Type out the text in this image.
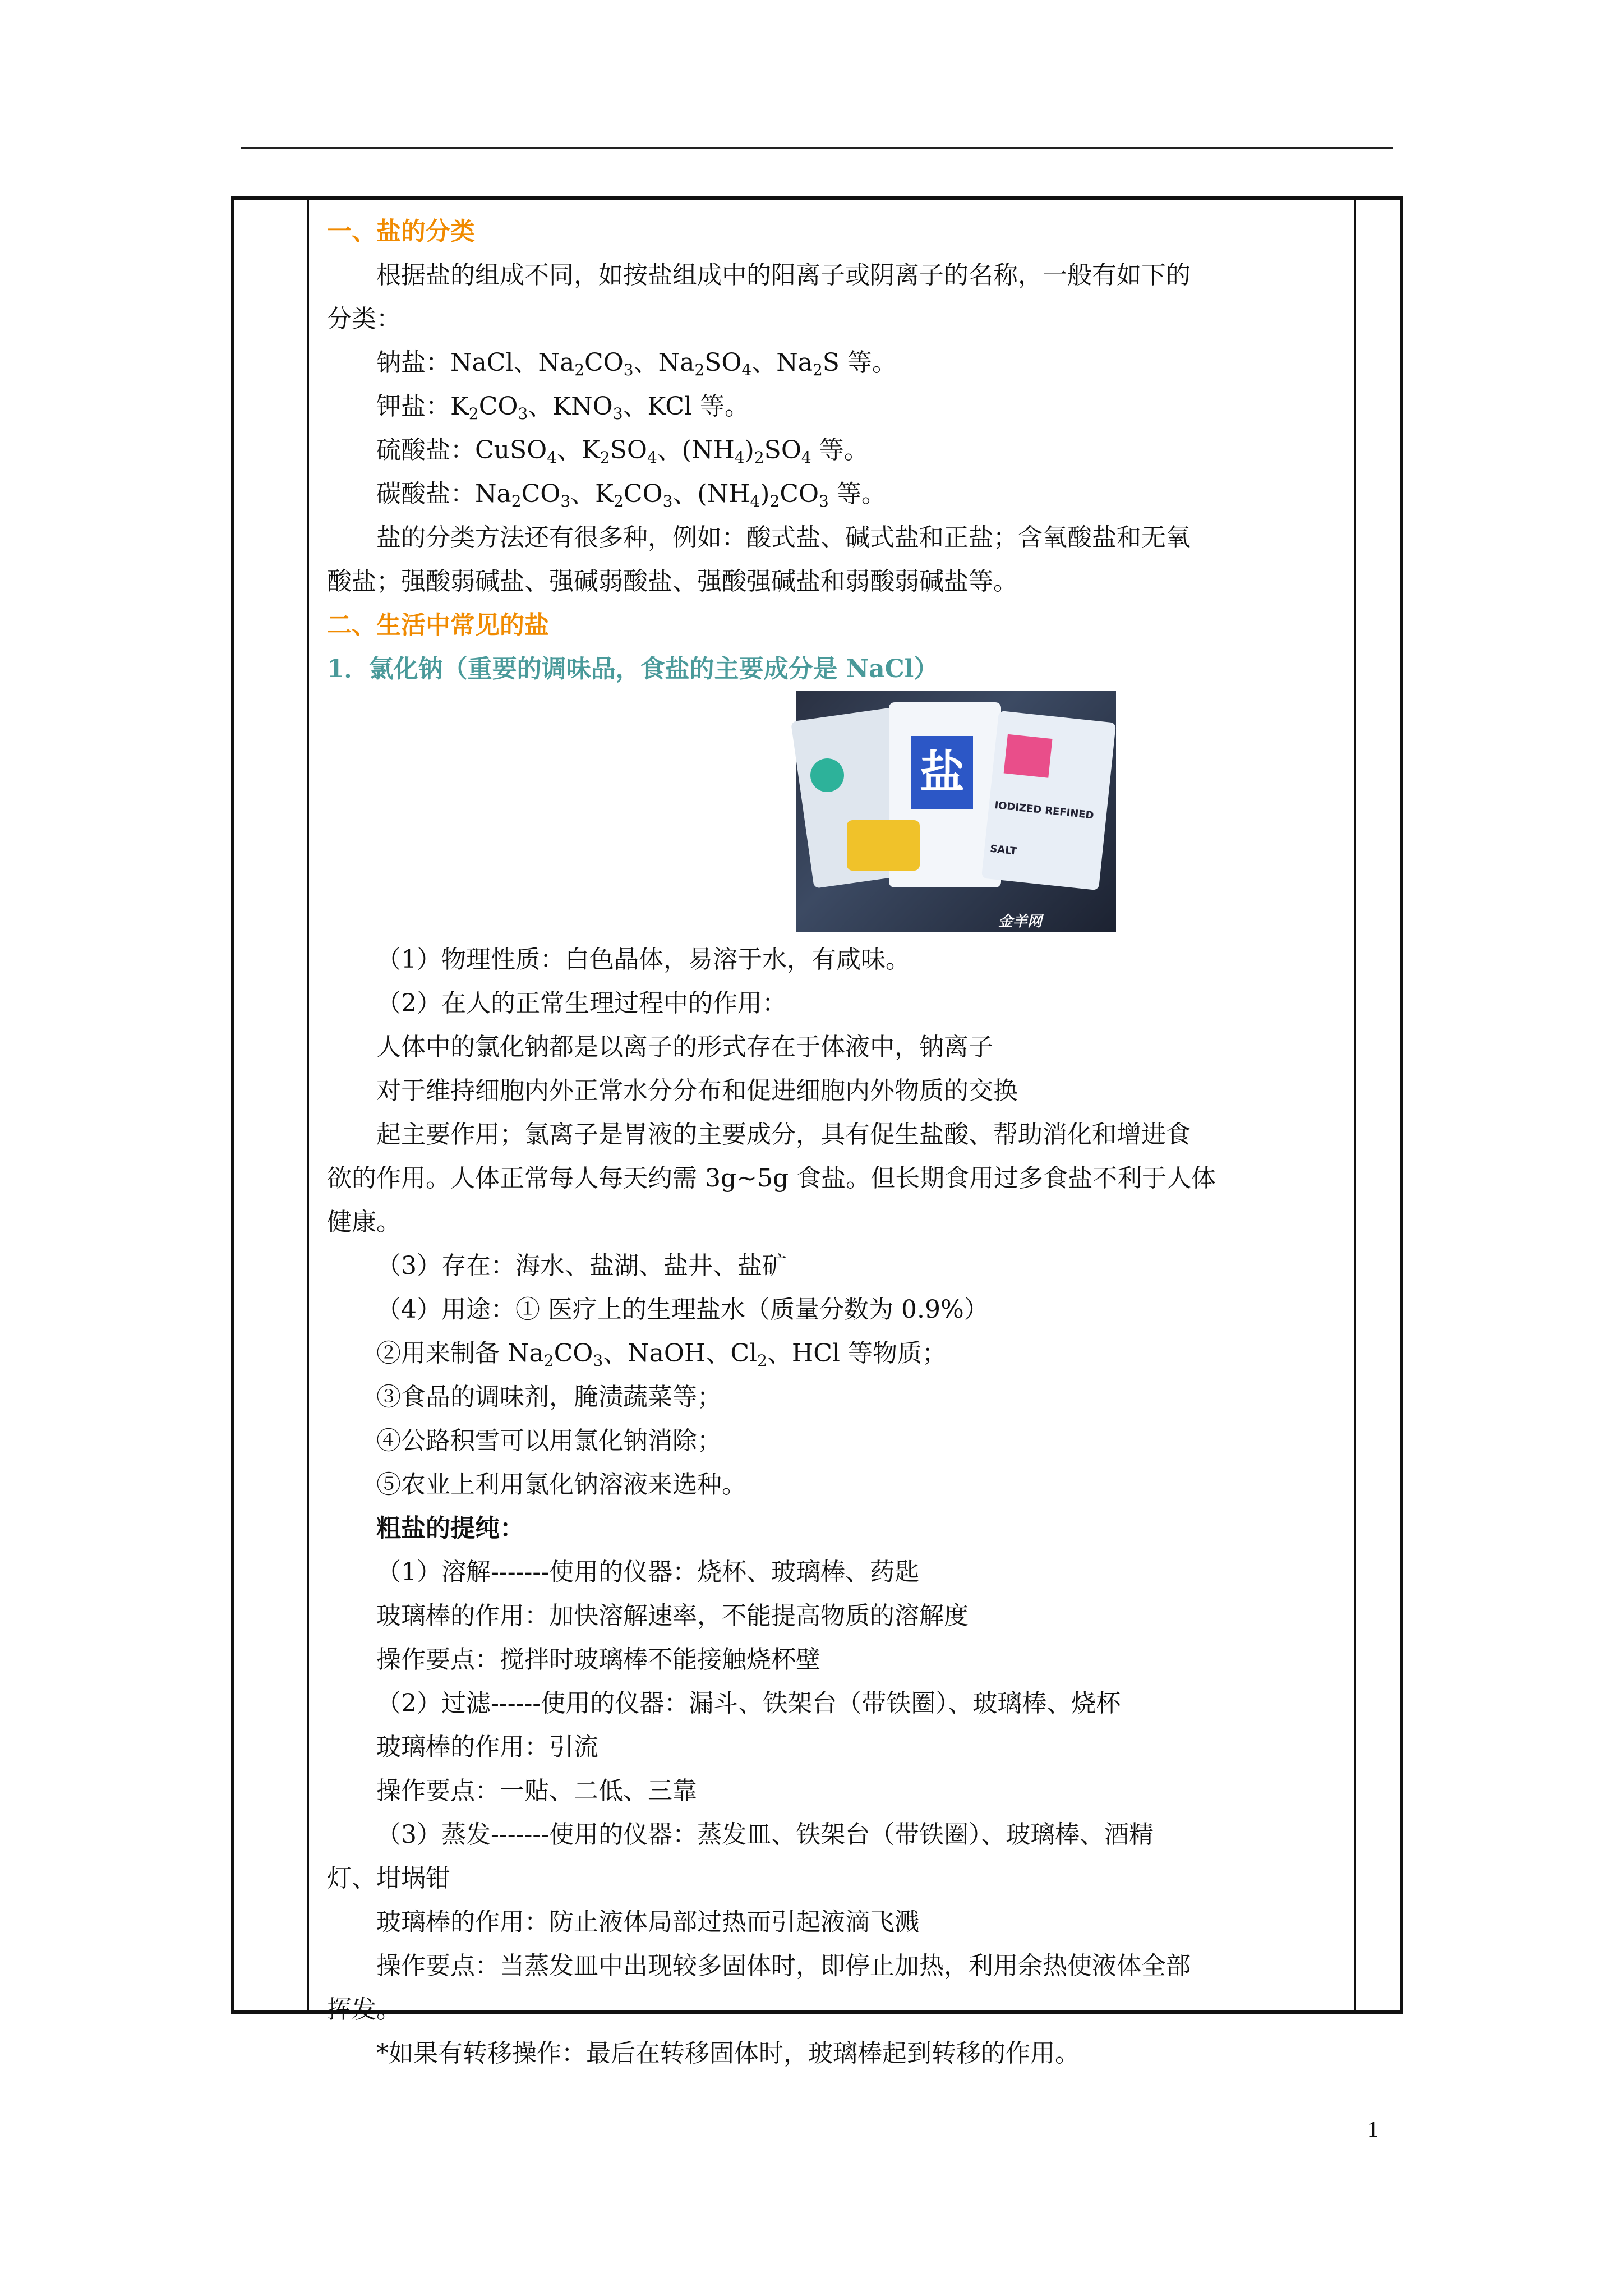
一、盐的分类
根据盐的组成不同，如按盐组成中的阳离子或阴离子的名称，一般有如下的
分类：
钠盐：NaCl、$Na_2CO_3$、$Na_2SO_4$、$Na_2S$ 等。
钾盐：$K_2CO_3$、$KNO_3$、KCl 等。
硫酸盐：CuSO$_4$、$K_2SO_4$、$(NH_4)_2SO_4$ 等。
碳酸盐：$Na_2CO_3$、$K_2CO_3$、$(NH_4)_2CO_3$ 等。
盐的分类方法还有很多种，例如：酸式盐、碱式盐和正盐；含氧酸盐和无氧
酸盐；强酸弱碱盐、强碱弱酸盐、强酸强碱盐和弱酸弱碱盐等。
二、生活中常见的盐
1．氯化钠（重要的调味品，食盐的主要成分是 NaCl）
盐
IODIZED REFINED SALT
金羊网
www.ycwb.com
（1）物理性质：白色晶体，易溶于水，有咸味。
（2）在人的正常生理过程中的作用：
人体中的氯化钠都是以离子的形式存在于体液中，钠离子
对于维持细胞内外正常水分分布和促进细胞内外物质的交换
起主要作用；氯离子是胃液的主要成分，具有促生盐酸、帮助消化和增进食
欲的作用。人体正常每人每天约需 3g~5g 食盐。但长期食用过多食盐不利于人体
健康。
（3）存在：海水、盐湖、盐井、盐矿
（4）用途：① 医疗上的生理盐水（质量分数为 0.9%）
②用来制备 $Na_2CO_3$、NaOH、$Cl_2$、HCl 等物质；
③食品的调味剂，腌渍蔬菜等；
④公路积雪可以用氯化钠消除；
⑤农业上利用氯化钠溶液来选种。
粗盐的提纯：
（1）溶解-------使用的仪器：烧杯、玻璃棒、药匙
玻璃棒的作用：加快溶解速率，不能提高物质的溶解度
操作要点：搅拌时玻璃棒不能接触烧杯壁
（2）过滤------使用的仪器：漏斗、铁架台（带铁圈）、玻璃棒、烧杯
玻璃棒的作用：引流
操作要点：一贴、二低、三靠
（3）蒸发-------使用的仪器：蒸发皿、铁架台（带铁圈）、玻璃棒、酒精
灯、坩埚钳
玻璃棒的作用：防止液体局部过热而引起液滴飞溅
操作要点：当蒸发皿中出现较多固体时，即停止加热，利用余热使液体全部
挥发。
*如果有转移操作：最后在转移固体时，玻璃棒起到转移的作用。
1
